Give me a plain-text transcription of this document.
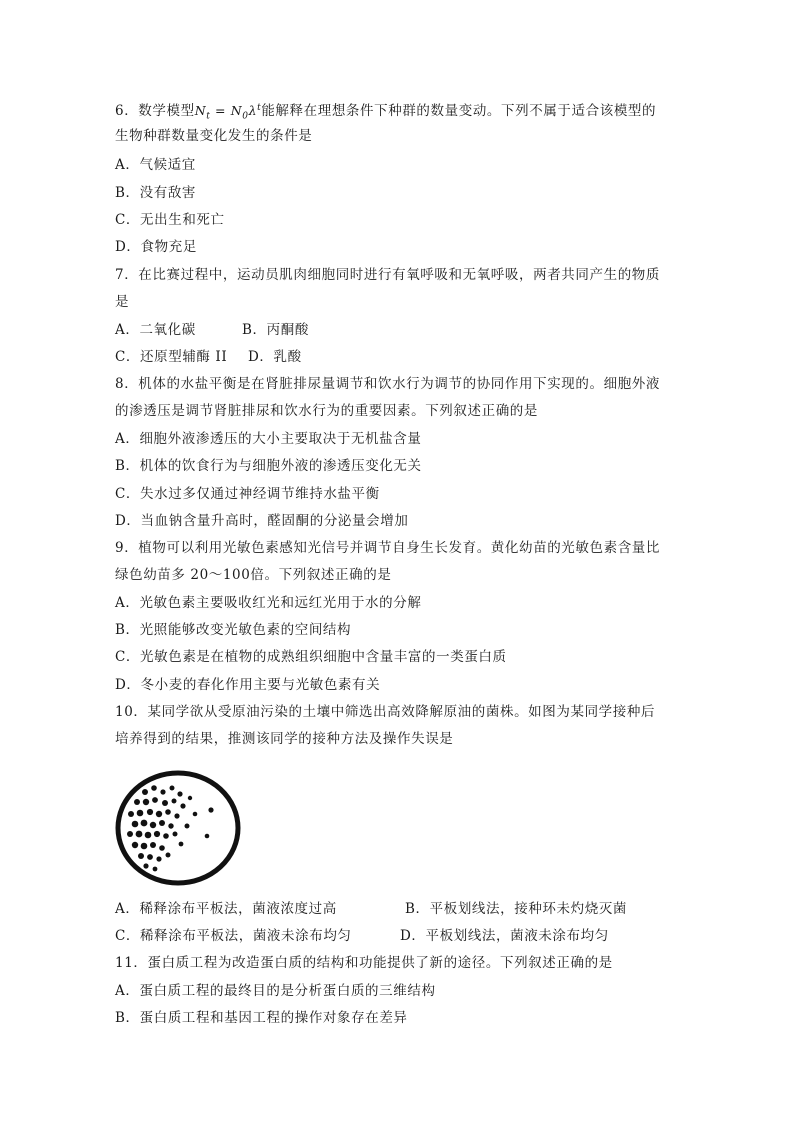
6．数学模型$N_t = N_0\lambda^t$能解释在理想条件下种群的数量变动。下列不属于适合该模型的
生物种群数量变化发生的条件是
A．气候适宜
B．没有敌害
C．无出生和死亡
D．食物充足
7．在比赛过程中，运动员肌肉细胞同时进行有氧呼吸和无氧呼吸，两者共同产生的物质
是
A．二氧化碳	B．丙酮酸
C．还原型辅酶 II D．乳酸
8．机体的水盐平衡是在肾脏排尿量调节和饮水行为调节的协同作用下实现的。细胞外液
的渗透压是调节肾脏排尿和饮水行为的重要因素。下列叙述正确的是
A．细胞外液渗透压的大小主要取决于无机盐含量
B．机体的饮食行为与细胞外液的渗透压变化无关
C．失水过多仅通过神经调节维持水盐平衡
D．当血钠含量升高时，醛固酮的分泌量会增加
9．植物可以利用光敏色素感知光信号并调节自身生长发育。黄化幼苗的光敏色素含量比
绿色幼苗多 20～100倍。下列叙述正确的是
A．光敏色素主要吸收红光和远红光用于水的分解
B．光照能够改变光敏色素的空间结构
C．光敏色素是在植物的成熟组织细胞中含量丰富的一类蛋白质
D．冬小麦的春化作用主要与光敏色素有关
10．某同学欲从受原油污染的土壤中筛选出高效降解原油的菌株。如图为某同学接种后
培养得到的结果，推测该同学的接种方法及操作失误是
A．稀释涂布平板法，菌液浓度过高	B．平板划线法，接种环未灼烧灭菌
C．稀释涂布平板法，菌液未涂布均匀	D．平板划线法，菌液未涂布均匀
11．蛋白质工程为改造蛋白质的结构和功能提供了新的途径。下列叙述正确的是
A．蛋白质工程的最终目的是分析蛋白质的三维结构
B．蛋白质工程和基因工程的操作对象存在差异
